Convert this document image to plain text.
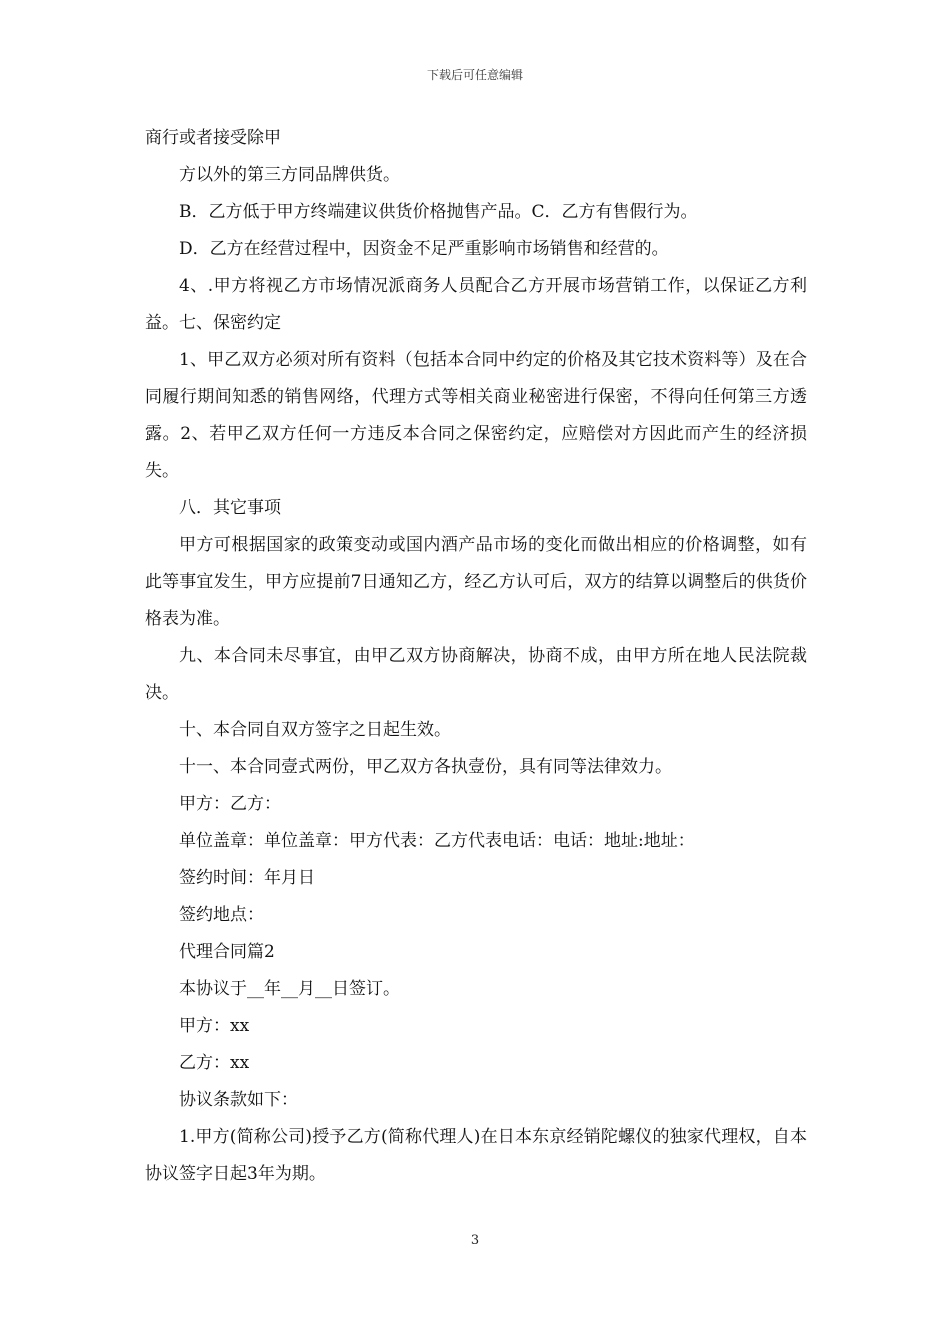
下载后可任意编辑

商行或者接受除甲

方以外的第三方同品牌供货。

B．乙方低于甲方终端建议供货价格抛售产品。C．乙方有售假行为。

D．乙方在经营过程中，因资金不足严重影响市场销售和经营的。

4、.甲方将视乙方市场情况派商务人员配合乙方开展市场营销工作，以保证乙方利益。七、保密约定

1、甲乙双方必须对所有资料（包括本合同中约定的价格及其它技术资料等）及在合同履行期间知悉的销售网络，代理方式等相关商业秘密进行保密，不得向任何第三方透露。2、若甲乙双方任何一方违反本合同之保密约定，应赔偿对方因此而产生的经济损失。

八．其它事项

甲方可根据国家的政策变动或国内酒产品市场的变化而做出相应的价格调整，如有此等事宜发生，甲方应提前7日通知乙方，经乙方认可后，双方的结算以调整后的供货价格表为准。

九、本合同未尽事宜，由甲乙双方协商解决，协商不成，由甲方所在地人民法院裁决。

十、本合同自双方签字之日起生效。

十一、本合同壹式两份，甲乙双方各执壹份，具有同等法律效力。

甲方：乙方：

单位盖章：单位盖章：甲方代表：乙方代表电话：电话：地址:地址：

签约时间：年月日

签约地点：

代理合同篇2

本协议于__年__月__日签订。

甲方：xx

乙方：xx

协议条款如下：

1.甲方(简称公司)授予乙方(简称代理人)在日本东京经销陀螺仪的独家代理权，自本协议签字日起3年为期。

3
